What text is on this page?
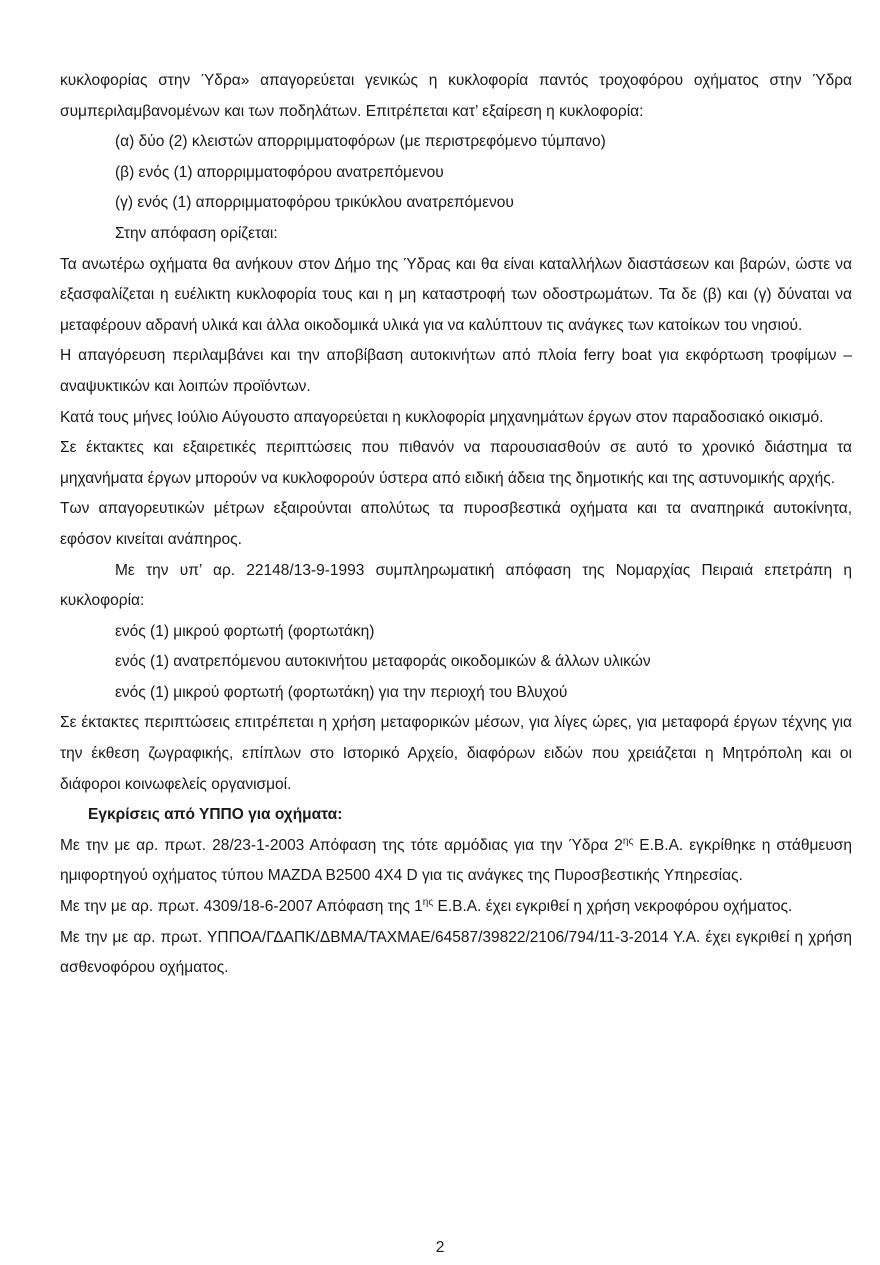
κυκλοφορίας στην Ύδρα» απαγορεύεται γενικώς η κυκλοφορία παντός τροχοφόρου οχήματος στην Ύδρα συμπεριλαμβανομένων και των ποδηλάτων. Επιτρέπεται κατ’ εξαίρεση η κυκλοφορία:

(α) δύο (2) κλειστών απορριμματοφόρων (με περιστρεφόμενο τύμπανο)

(β) ενός (1) απορριμματοφόρου ανατρεπόμενου

(γ) ενός (1) απορριμματοφόρου τρικύκλου ανατρεπόμενου

Στην απόφαση ορίζεται:

Τα ανωτέρω οχήματα θα ανήκουν στον Δήμο της Ύδρας και θα είναι καταλλήλων διαστάσεων και βαρών, ώστε να εξασφαλίζεται η ευέλικτη κυκλοφορία τους και η μη καταστροφή των οδοστρωμάτων. Τα δε (β) και (γ) δύναται να μεταφέρουν αδρανή υλικά και άλλα οικοδομικά υλικά για να καλύπτουν τις ανάγκες των κατοίκων του νησιού.

Η απαγόρευση περιλαμβάνει και την αποβίβαση αυτοκινήτων από πλοία ferry boat για εκφόρτωση τροφίμων – αναψυκτικών και λοιπών προϊόντων.

Κατά τους μήνες Ιούλιο Αύγουστο απαγορεύεται η κυκλοφορία μηχανημάτων έργων στον παραδοσιακό οικισμό.

Σε έκτακτες και εξαιρετικές περιπτώσεις που πιθανόν να παρουσιασθούν σε αυτό το χρονικό διάστημα τα μηχανήματα έργων μπορούν να κυκλοφορούν ύστερα από ειδική άδεια της δημοτικής και της αστυνομικής αρχής.

Των απαγορευτικών μέτρων εξαιρούνται απολύτως τα πυροσβεστικά οχήματα και τα αναπηρικά αυτοκίνητα, εφόσον κινείται ανάπηρος.

Με την υπ’ αρ. 22148/13-9-1993 συμπληρωματική απόφαση της Νομαρχίας Πειραιά επετράπη η κυκλοφορία:

ενός (1) μικρού φορτωτή (φορτωτάκη)

ενός (1) ανατρεπόμενου αυτοκινήτου μεταφοράς οικοδομικών & άλλων υλικών

ενός (1) μικρού φορτωτή (φορτωτάκη) για την περιοχή του Βλυχού

Σε έκτακτες περιπτώσεις επιτρέπεται η χρήση μεταφορικών μέσων, για λίγες ώρες, για μεταφορά έργων τέχνης για την έκθεση ζωγραφικής, επίπλων στο Ιστορικό Αρχείο, διαφόρων ειδών που χρειάζεται η Μητρόπολη και οι διάφοροι κοινωφελείς οργανισμοί.

Εγκρίσεις από ΥΠΠΟ για οχήματα:

Με την με αρ. πρωτ. 28/23-1-2003 Απόφαση της τότε αρμόδιας για την Ύδρα $2^{\eta\varsigma}$ Ε.Β.Α. εγκρίθηκε η στάθμευση ημιφορτηγού οχήματος τύπου MAZDA B2500 4X4 D για τις ανάγκες της Πυροσβεστικής Υπηρεσίας.

Με την με αρ. πρωτ. 4309/18-6-2007 Απόφαση της $1^{\eta\varsigma}$ Ε.Β.Α. έχει εγκριθεί η χρήση νεκροφόρου οχήματος.

Με την με αρ. πρωτ. ΥΠΠΟΑ/ΓΔΑΠΚ/ΔΒΜΑ/ΤΑΧΜΑΕ/64587/39822/2106/794/11-3-2014 Υ.Α. έχει εγκριθεί η χρήση ασθενοφόρου οχήματος.

2
